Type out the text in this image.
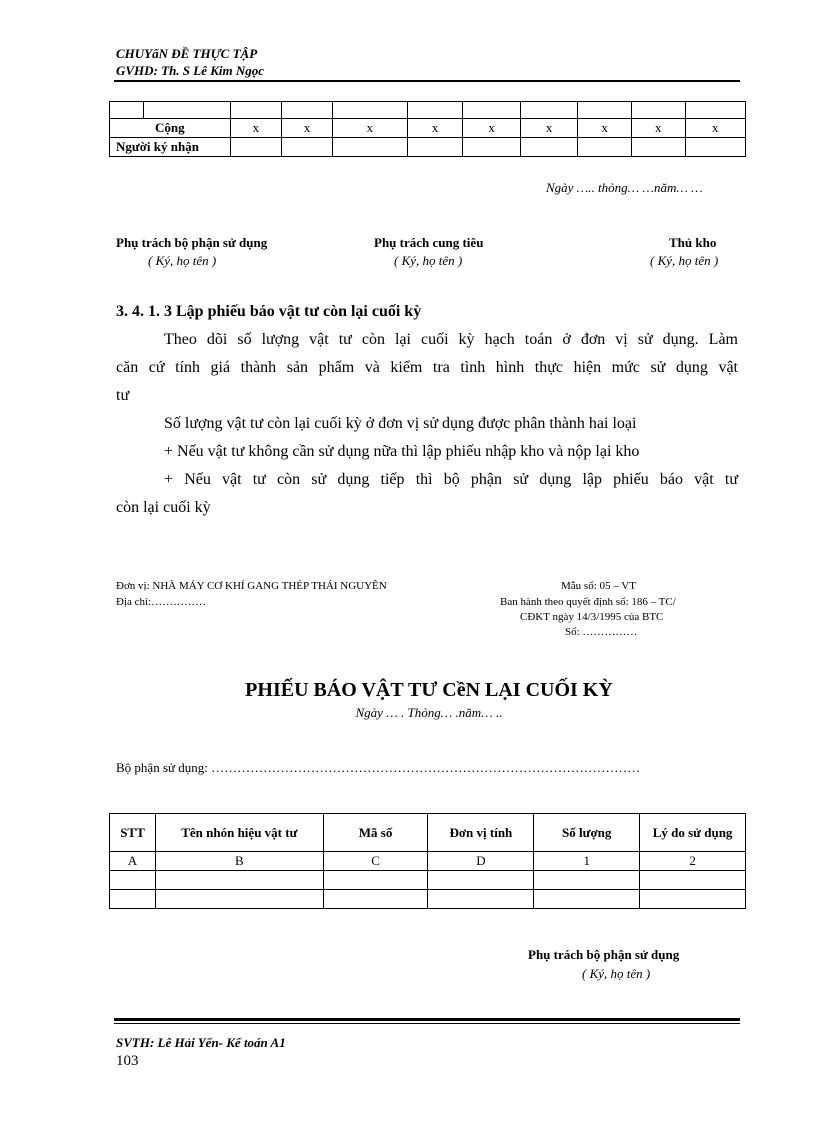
CHUYấN ĐỀ THỰC TẬP
GVHD: Th. S Lê Kim Ngọc

Cộng		x	x	x	x	x	x	x	x	x
Người ký nhận										
Ngày ….. thỏng… …năm… …
Phụ trách bộ phận sử dụng
( Ký, họ tên )
Phụ trách cung tiêu
( Ký, họ tên )
Thủ kho
( Ký, họ tên )
3. 4. 1. 3 Lập phiếu báo vật tư còn lại cuối kỳ
Theo dõi số lượng vật tư còn lại cuối kỳ hạch toán ở đơn vị sử dụng. Làm
căn cứ tính giá thành sản phẩm và kiểm tra tình hình thực hiện mức sử dụng vật
tư
Số lượng vật tư còn lại cuối kỳ ở đơn vị sử dụng được phân thành hai loại
+ Nếu vật tư không cần sử dụng nữa thì lập phiếu nhập kho và nộp lại kho
+ Nếu vật tư còn sử dụng tiếp thì bộ phận sử dụng lập phiếu báo vật tư
còn lại cuối kỳ
Đơn vị: NHÀ MÁY CƠ KHÍ GANG THÉP THÁI NGUYÊN
Địa chỉ:……………
Mẫu số: 05 – VT
Ban hành theo quyết định số: 186 – TC/
CĐKT ngày 14/3/1995 của BTC
Số: ……………
PHIẾU BÁO VẬT TƯ CềN LẠI CUỐI KỲ
Ngày … . Thỏng… .năm… ..
Bộ phận sử dụng: ………………………………………………………………………………………
STT	Tên nhón hiệu vật tư	Mã số	Đơn vị tính	Số lượng	Lý do sử dụng
A	B	C	D	1	2

Phụ trách bộ phận sử dụng
( Ký, họ tên )
SVTH: Lê Hải Yến- Kế toán A1
103
